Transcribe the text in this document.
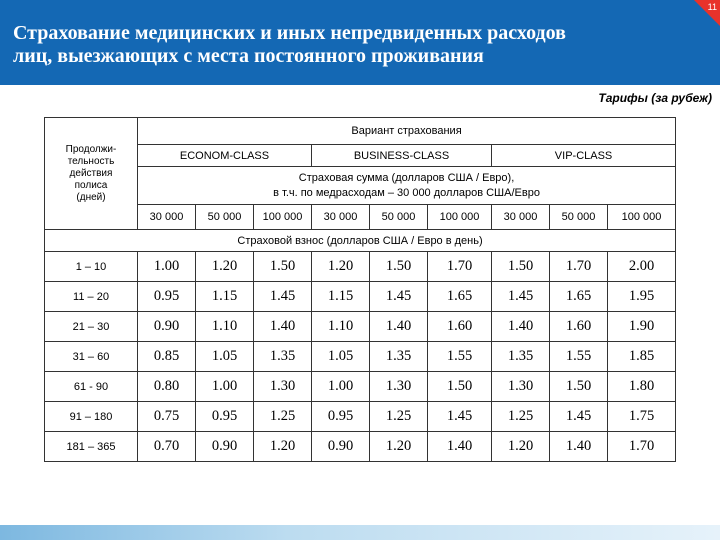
11
Страхование медицинских и иных непредвиденных расходов
лиц, выезжающих с места постоянного проживания
Тарифы (за рубеж)
Продолжи-тельность действия полиса (дней)	Вариант страхования								
	ECONOM-CLASS			BUSINESS-CLASS			VIP-CLASS		

	Страховая сумма (долларов США / Евро),
в т.ч. по медрасходам – 30 000 долларов США/Евро								

	30 000	50 000	100 000	30 000	50 000	100 000	30 000	50 000	100 000
Страховой взнос (долларов США / Евро в день)									
1 – 10	1.00	1.20	1.50	1.20	1.50	1.70	1.50	1.70	2.00
11 – 20	0.95	1.15	1.45	1.15	1.45	1.65	1.45	1.65	1.95
21 – 30	0.90	1.10	1.40	1.10	1.40	1.60	1.40	1.60	1.90
31 – 60	0.85	1.05	1.35	1.05	1.35	1.55	1.35	1.55	1.85
61 - 90	0.80	1.00	1.30	1.00	1.30	1.50	1.30	1.50	1.80
91 – 180	0.75	0.95	1.25	0.95	1.25	1.45	1.25	1.45	1.75
181 – 365	0.70	0.90	1.20	0.90	1.20	1.40	1.20	1.40	1.70
